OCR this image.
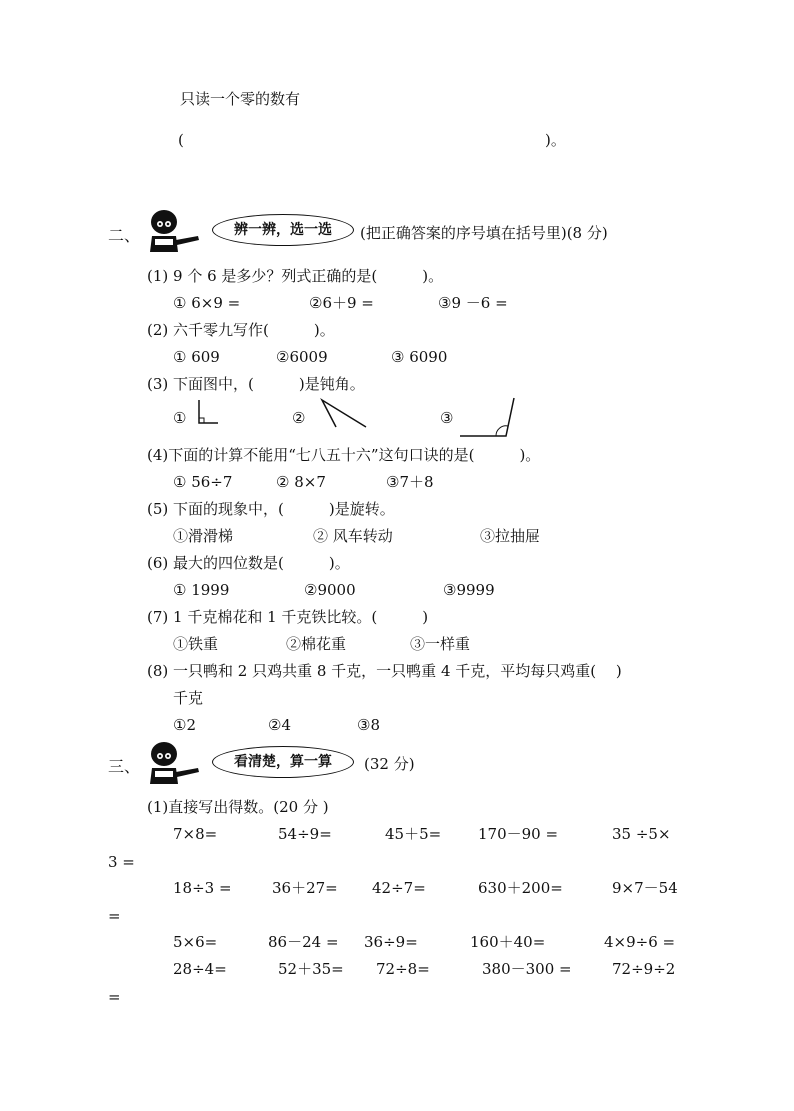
只读一个零的数有
(	)。
二、	辨一辨，选一选	(把正确答案的序号填在括号里)(8 分)
(1) 9 个 6 是多少？列式正确的是(　　　)。
① 6×9 =	②6＋9 =	③9 －6 =
(2) 六千零九写作(　　　)。
① 609	②6009	③ 6090
(3) 下面图中，(　　　)是钝角。
①	②	③
(4)下面的计算不能用“七八五十六”这句口诀的是(　　　)。
① 56÷7	② 8×7	③7＋8
(5) 下面的现象中，(　　　)是旋转。
①滑滑梯	② 风车转动	③拉抽屉
(6) 最大的四位数是(　　　)。
① 1999	②9000	③9999
(7) 1 千克棉花和 1 千克铁比较。(　　　)
①铁重	②棉花重	③一样重
(8) 一只鸭和 2 只鸡共重 8 千克，一只鸭重 4 千克，平均每只鸡重(　 )
千克
①2	②4	③8
三、	看清楚，算一算	(32 分)
(1)直接写出得数。(20 分 )
7×8=	54÷9=	45＋5= 170－90 =	35 ÷5×
3 =
18÷3 =	36＋27= 42÷7=	630＋200=	9×7－54
=
5×6=	86－24 = 36÷9=	160＋40=	4×9÷6 =
28÷4=	52＋35= 72÷8=	380－300 =	72÷9÷2
=
